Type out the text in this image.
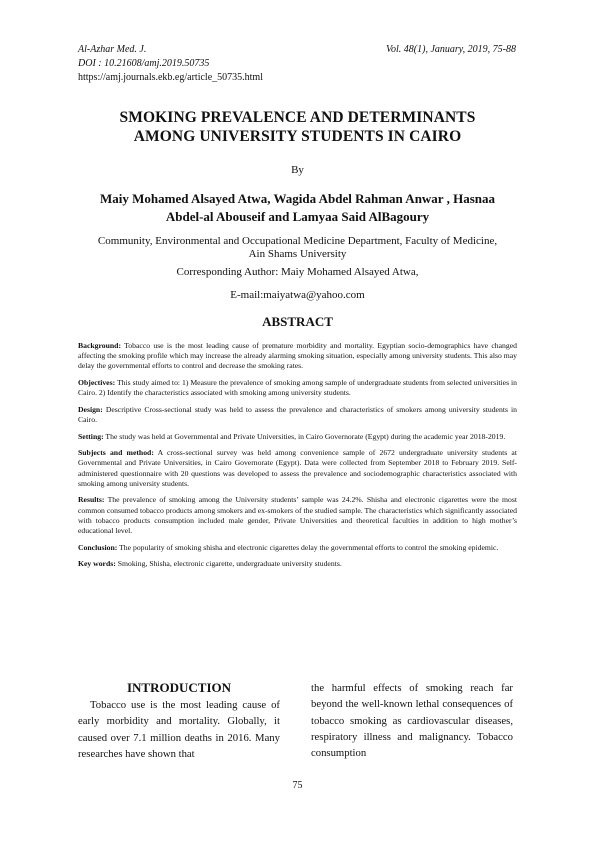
Al-Azhar Med. J.	Vol. 48(1), January, 2019, 75-88
DOI : 10.21608/amj.2019.50735
https://amj.journals.ekb.eg/article_50735.html
SMOKING PREVALENCE AND DETERMINANTS
AMONG UNIVERSITY STUDENTS IN CAIRO
By
Maiy Mohamed Alsayed Atwa, Wagida Abdel Rahman Anwar , Hasnaa
Abdel-al Abouseif and Lamyaa Said AlBagoury
Community, Environmental and Occupational Medicine Department, Faculty of Medicine,
Ain Shams University
Corresponding Author: Maiy Mohamed Alsayed Atwa,
E-mail:maiyatwa@yahoo.com
ABSTRACT

Background: Tobacco use is the most leading cause of premature morbidity and mortality. Egyptian socio-demographics have changed affecting the smoking profile which may increase the already alarming smoking situation, especially among university students. This also may delay the governmental efforts to control and decrease the smoking rates.

Objectives: This study aimed to: 1) Measure the prevalence of smoking among sample of undergraduate students from selected universities in Cairo. 2) Identify the characteristics associated with smoking among university students.

Design: Descriptive Cross-sectional study was held to assess the prevalence and characteristics of smokers among university students in Cairo.

Setting: The study was held at Governmental and Private Universities, in Cairo Governorate (Egypt) during the academic year 2018-2019.

Subjects and method: A cross-sectional survey was held among convenience sample of 2672 undergraduate university students at Governmental and Private Universities, in Cairo Governorate (Egypt). Data were collected from September 2018 to February 2019. Self-administered questionnaire with 20 questions was developed to assess the prevalence and sociodemographic characteristics associated with smoking among university students.

Results: The prevalence of smoking among the University students’ sample was 24.2%. Shisha and electronic cigarettes were the most common consumed tobacco products among smokers and ex-smokers of the studied sample. The characteristics which significantly associated with tobacco products consumption included male gender, Private Universities and theoretical faculties in addition to high mother’s educational level.

Conclusion: The popularity of smoking shisha and electronic cigarettes delay the governmental efforts to control the smoking epidemic.

Key words: Smoking, Shisha, electronic cigarette, undergraduate university students.

INTRODUCTION

Tobacco use is the most leading cause of early morbidity and mortality. Globally, it caused over 7.1 million deaths in 2016. Many researches have shown that

the harmful effects of smoking reach far beyond the well-known lethal consequences of tobacco smoking as cardiovascular diseases, respiratory illness and malignancy. Tobacco consumption

75
